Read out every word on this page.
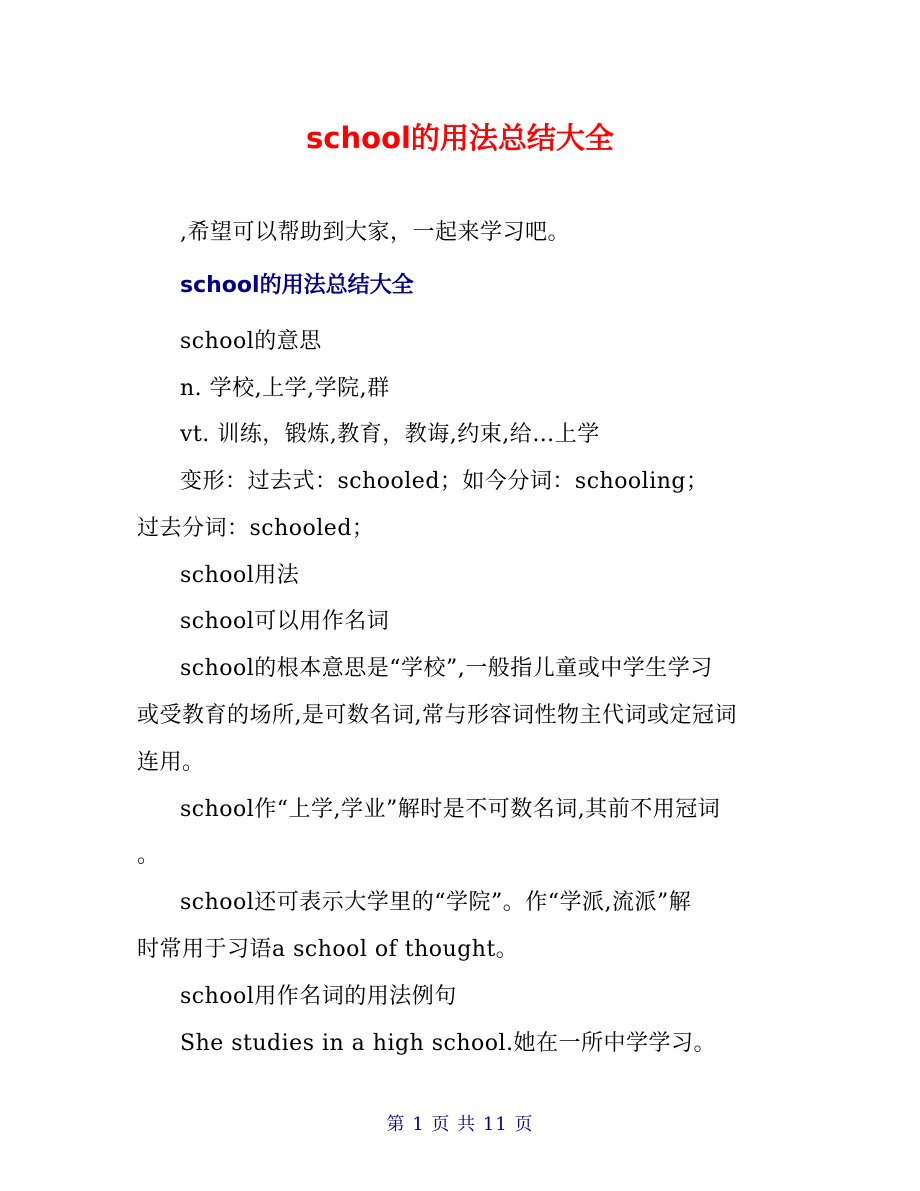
school的用法总结大全
,希望可以帮助到大家，一起来学习吧。
school的用法总结大全
school的意思
n. 学校,上学,学院,群
vt. 训练，锻炼,教育，教诲,约束,给…上学
变形：过去式：schooled；如今分词：schooling；
过去分词：schooled；
school用法
school可以用作名词
school的根本意思是“学校”,一般指儿童或中学生学习
或受教育的场所,是可数名词,常与形容词性物主代词或定冠词
连用。
school作“上学,学业”解时是不可数名词,其前不用冠词
。
school还可表示大学里的“学院”。作“学派,流派”解
时常用于习语a school of thought。
school用作名词的用法例句
She studies in a high school.她在一所中学学习。
第 1 页 共 11 页
